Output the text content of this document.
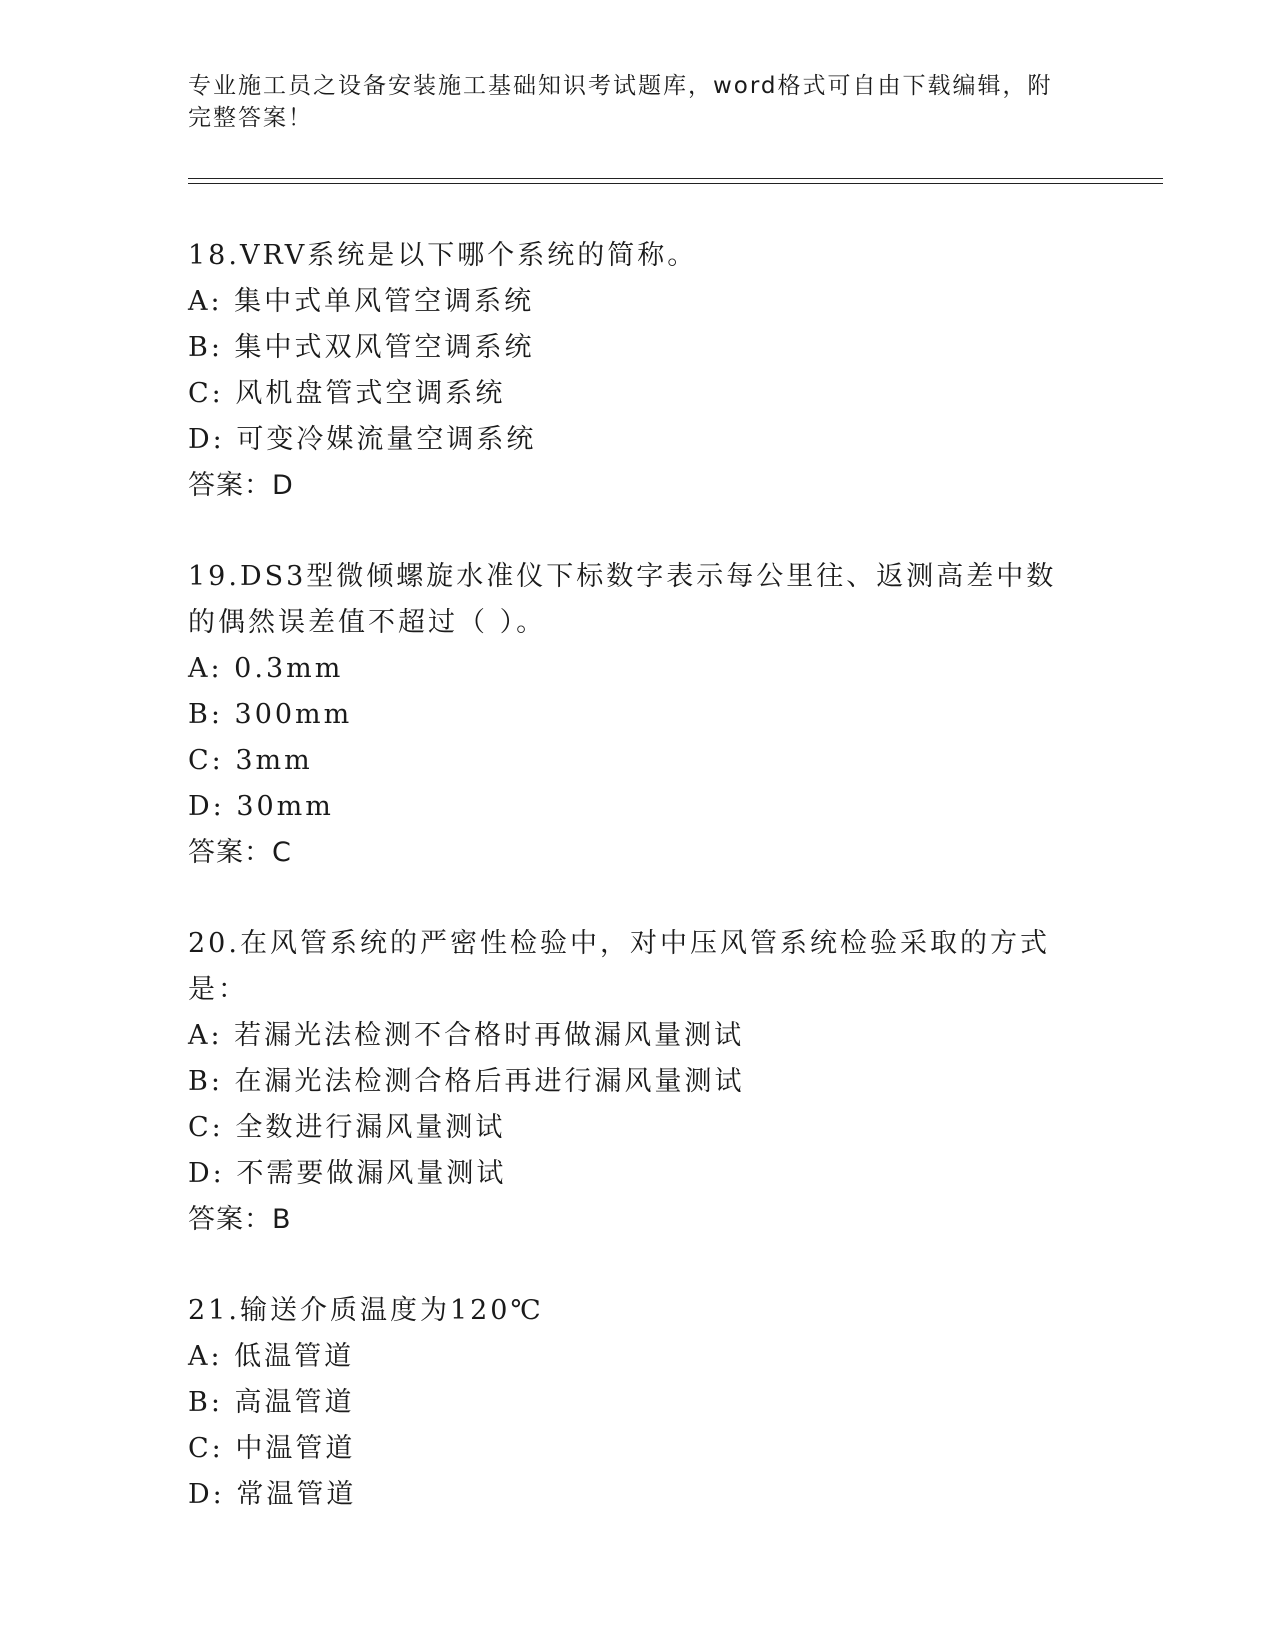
专业施工员之设备安装施工基础知识考试题库，word格式可自由下载编辑，附完整答案！
18.VRV系统是以下哪个系统的简称。
A: 集中式单风管空调系统
B: 集中式双风管空调系统
C: 风机盘管式空调系统
D: 可变冷媒流量空调系统
答案：D
19.DS3型微倾螺旋水准仪下标数字表示每公里往、返测高差中数的偶然误差值不超过（ ）。
A: 0.3mm
B: 300mm
C: 3mm
D: 30mm
答案：C
20.在风管系统的严密性检验中，对中压风管系统检验采取的方式是：
A: 若漏光法检测不合格时再做漏风量测试
B: 在漏光法检测合格后再进行漏风量测试
C: 全数进行漏风量测试
D: 不需要做漏风量测试
答案：B
21.输送介质温度为120℃
A: 低温管道
B: 高温管道
C: 中温管道
D: 常温管道
